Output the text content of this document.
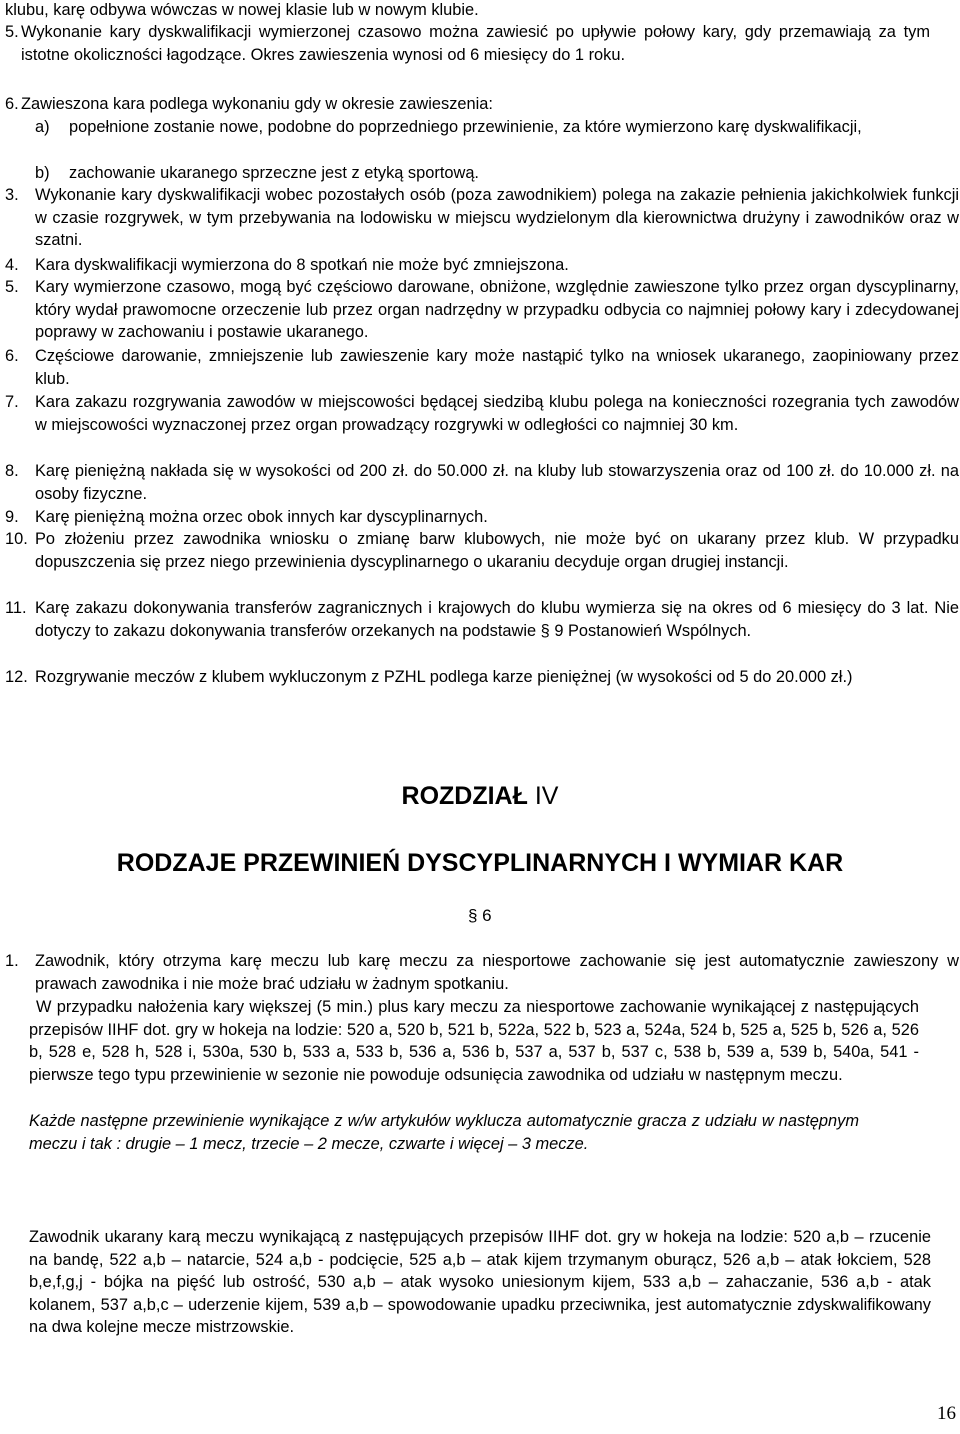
klubu, karę odbywa wówczas w nowej klasie lub w nowym klubie.

5. Wykonanie kary dyskwalifikacji wymierzonej czasowo można zawiesić po upływie połowy kary, gdy przemawiają za tym istotne okoliczności łagodzące. Okres zawieszenia wynosi od 6 miesięcy do 1 roku.
6. Zawieszona kara podlega wykonaniu gdy w okresie zawieszenia:
a) popełnione zostanie nowe, podobne do poprzedniego przewinienie, za które wymierzono karę dyskwalifikacji,
b) zachowanie ukaranego sprzeczne jest z etyką sportową.
3. Wykonanie kary dyskwalifikacji wobec pozostałych osób (poza zawodnikiem) polega na zakazie pełnienia jakichkolwiek funkcji w czasie rozgrywek, w tym przebywania na lodowisku w miejscu wydzielonym dla kierownictwa drużyny i zawodników oraz w szatni.
4. Kara dyskwalifikacji wymierzona do 8 spotkań nie może być zmniejszona.
5. Kary wymierzone czasowo, mogą być częściowo darowane, obniżone, względnie zawieszone tylko przez organ dyscyplinarny, który wydał prawomocne orzeczenie lub przez organ nadrzędny w przypadku odbycia co najmniej połowy kary i zdecydowanej poprawy w zachowaniu i postawie ukaranego.
6. Częściowe darowanie, zmniejszenie lub zawieszenie kary może nastąpić tylko na wniosek ukaranego, zaopiniowany przez klub.
7. Kara zakazu rozgrywania zawodów w miejscowości będącej siedzibą klubu polega na konieczności rozegrania tych zawodów w miejscowości wyznaczonej przez organ prowadzący rozgrywki w odległości co najmniej 30 km.
8. Karę pieniężną nakłada się w wysokości od 200 zł. do 50.000 zł. na kluby lub stowarzyszenia oraz od 100 zł. do 10.000 zł. na osoby fizyczne.
9. Karę pieniężną można orzec obok innych kar dyscyplinarnych.
10. Po złożeniu przez zawodnika wniosku o zmianę barw klubowych, nie może być on ukarany przez klub. W przypadku dopuszczenia się przez niego przewinienia dyscyplinarnego o ukaraniu decyduje organ drugiej instancji.
11. Karę zakazu dokonywania transferów zagranicznych i krajowych do klubu wymierza się na okres od 6 miesięcy do 3 lat. Nie dotyczy to zakazu dokonywania transferów orzekanych na podstawie § 9 Postanowień Wspólnych.
12. Rozgrywanie meczów z klubem wykluczonym z PZHL podlega karze pieniężnej (w wysokości od 5 do 20.000 zł.)
ROZDZIAŁ IV
RODZAJE PRZEWINIEŃ DYSCYPLINARNYCH I WYMIAR KAR
§ 6
1. Zawodnik, który otrzyma karę meczu lub karę meczu za niesportowe zachowanie się jest automatycznie zawieszony w prawach zawodnika i nie może brać udziału w żadnym spotkaniu.

W przypadku nałożenia kary większej (5 min.) plus kary meczu za niesportowe zachowanie wynikającej z następujących przepisów IIHF dot. gry w hokeja na lodzie: 520 a, 520 b, 521 b, 522a, 522 b, 523 a, 524a, 524 b, 525 a, 525 b, 526 a, 526 b, 528 e, 528 h, 528 i, 530a, 530 b, 533 a, 533 b, 536 a, 536 b, 537 a, 537 b, 537 c, 538 b, 539 a, 539 b, 540a, 541 - pierwsze tego typu przewinienie w sezonie nie powoduje odsunięcia zawodnika od udziału w następnym meczu.

Każde następne przewinienie wynikające z w/w artykułów wyklucza automatycznie gracza z udziału w następnym meczu i tak : drugie – 1 mecz, trzecie – 2 mecze, czwarte i więcej – 3 mecze.

Zawodnik ukarany karą meczu wynikającą z następujących przepisów IIHF dot. gry w hokeja na lodzie: 520 a,b – rzucenie na bandę, 522 a,b – natarcie, 524 a,b - podcięcie, 525 a,b – atak kijem trzymanym oburącz, 526 a,b – atak łokciem, 528 b,e,f,g,j - bójka na pięść lub ostrość, 530 a,b – atak wysoko uniesionym kijem, 533 a,b – zahaczanie, 536 a,b - atak kolanem, 537 a,b,c – uderzenie kijem, 539 a,b – spowodowanie upadku przeciwnika, jest automatycznie zdyskwalifikowany na dwa kolejne mecze mistrzowskie.

16
